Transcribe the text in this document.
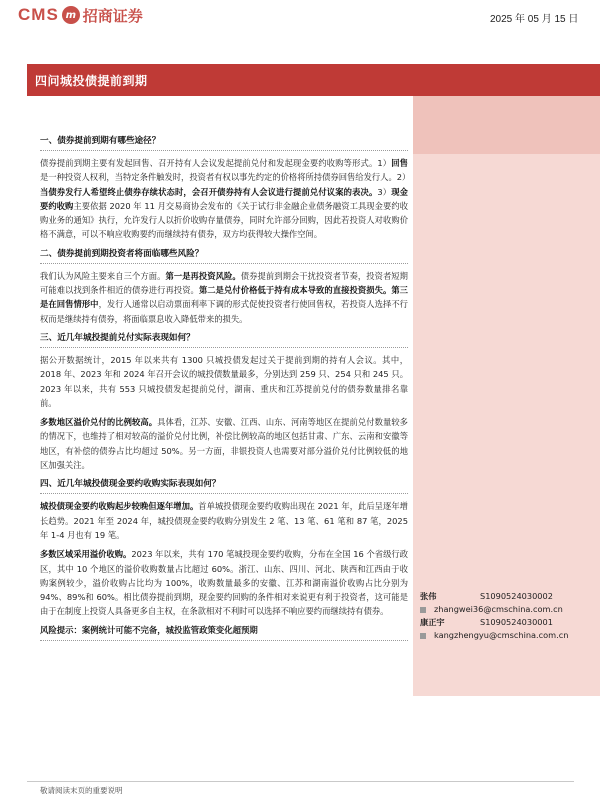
CMS m 招商证券	2025 年 05 月 15 日
四问城投债提前到期
一、债券提前到期有哪些途径？

债券提前到期主要有发起回售、召开持有人会议发起提前兑付和发起现金要约收购等形式。1）回售是一种投资人权利，当特定条件触发时，投资者有权以事先约定的价格将所持债券回售给发行人。2）当债券发行人希望终止债券存续状态时，会召开债券持有人会议进行提前兑付议案的表决。3）现金要约收购主要依据 2020 年 11 月交易商协会发布的《关于试行非金融企业债务融资工具现金要约收购业务的通知》执行，允许发行人以折价收购存量债券，同时允许部分回购，因此若投资人对收购价格不满意，可以不响应收购要约而继续持有债券，双方均获得较大操作空间。

二、债券提前到期投资者将面临哪些风险？

我们认为风险主要来自三个方面。第一是再投资风险。债券提前到期会干扰投资者节奏，投资者短期可能难以找到条件相近的债券进行再投资。第二是兑付价格低于持有成本导致的直接投资损失。第三是在回售情形中，发行人通常以启动票面利率下调的形式促使投资者行使回售权，若投资人选择不行权而是继续持有债券，将面临票息收入降低带来的损失。

三、近几年城投提前兑付实际表现如何？

据公开数据统计，2015 年以来共有 1300 只城投债发起过关于提前到期的持有人会议。其中，2018 年、2023 年和 2024 年召开会议的城投债数量最多，分别达到 259 只、254 只和 245 只。2023 年以来，共有 553 只城投债发起提前兑付，湖南、重庆和江苏提前兑付的债券数量排名靠前。

多数地区溢价兑付的比例较高。具体看，江苏、安徽、江西、山东、河南等地区在提前兑付数量较多的情况下，也维持了相对较高的溢价兑付比例，补偿比例较高的地区包括甘肃、广东、云南和安徽等地区，有补偿的债券占比均超过 50%。另一方面，非银投资人也需要对部分溢价兑付比例较低的地区加强关注。

四、近几年城投债现金要约收购实际表现如何？

城投债现金要约收购起步较晚但逐年增加。首单城投债现金要约收购出现在 2021 年，此后呈逐年增长趋势。2021 年至 2024 年，城投债现金要约收购分别发生 2 笔、13 笔、61 笔和 87 笔，2025 年 1-4 月也有 19 笔。

多数区域采用溢价收购。2023 年以来，共有 170 笔城投现金要约收购，分布在全国 16 个省级行政区，其中 10 个地区的溢价收购数量占比超过 60%。浙江、山东、四川、河北、陕西和江西由于收购案例较少，溢价收购占比均为 100%，收购数量最多的安徽、江苏和湖南溢价收购占比分别为 94%、89%和 60%。相比债券提前到期，现金要约回购的条件相对来说更有利于投资者，这可能是由于在制度上投资人具备更多自主权，在条款相对不利时可以选择不响应要约而继续持有债券。

风险提示：案例统计可能不完备，城投监管政策变化超预期
张伟	S1090524030002
zhangwei36@cmschina.com.cn
康正宇	S1090524030001
kangzhengyu@cmschina.com.cn
敬请阅读末页的重要说明
